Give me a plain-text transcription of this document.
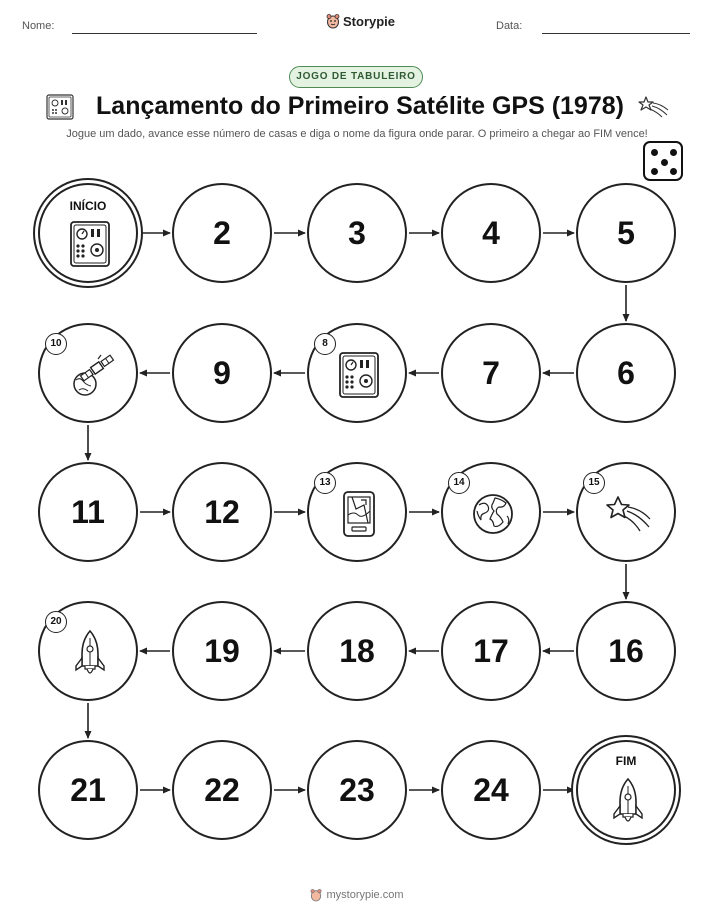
Nome:	Storypie	Data:
JOGO DE TABULEIRO
Lançamento do Primeiro Satélite GPS (1978)
Jogue um dado, avance esse número de casas e diga o nome da figura onde parar. O primeiro a chegar ao FIM vence!
INÍCIO
2	3	4	5
6
7
8
9
10
11	12
13	14	15
16
17
18
19
20
21	22	23	24
FIM
mystorypie.com
